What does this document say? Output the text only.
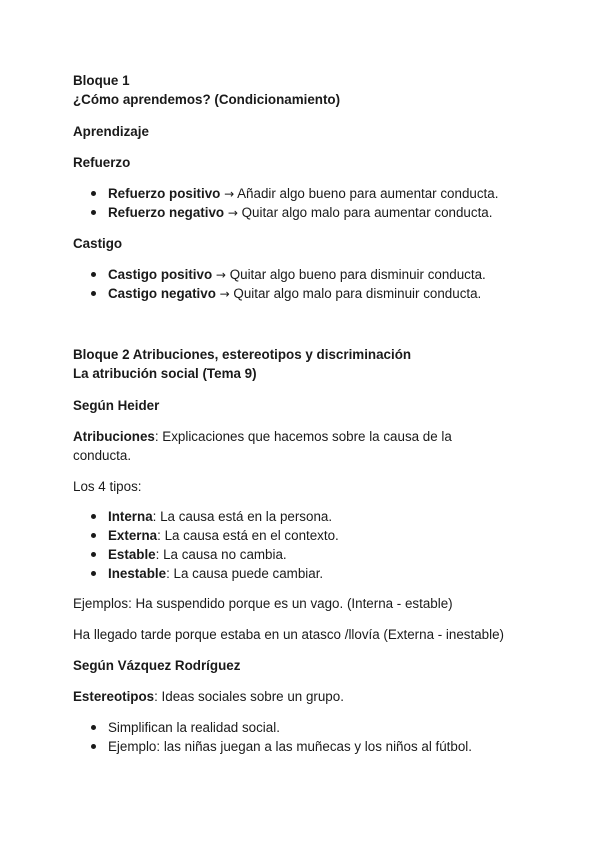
Bloque 1

¿Cómo aprendemos? (Condicionamiento)

Aprendizaje

Refuerzo

Refuerzo positivo → Añadir algo bueno para aumentar conducta.
Refuerzo negativo → Quitar algo malo para aumentar conducta.

Castigo

Castigo positivo → Quitar algo bueno para disminuir conducta.
Castigo negativo → Quitar algo malo para disminuir conducta.

Bloque 2 Atribuciones, estereotipos y discriminación

La atribución social (Tema 9)

Según Heider

Atribuciones: Explicaciones que hacemos sobre la causa de la conducta.

Los 4 tipos:

Interna: La causa está en la persona.
Externa: La causa está en el contexto.
Estable: La causa no cambia.
Inestable: La causa puede cambiar.

Ejemplos: Ha suspendido porque es un vago. (Interna - estable)

Ha llegado tarde porque estaba en un atasco /llovía (Externa - inestable)

Según Vázquez Rodríguez

Estereotipos: Ideas sociales sobre un grupo.

Simplifican la realidad social.
Ejemplo: las niñas juegan a las muñecas y los niños al fútbol.
